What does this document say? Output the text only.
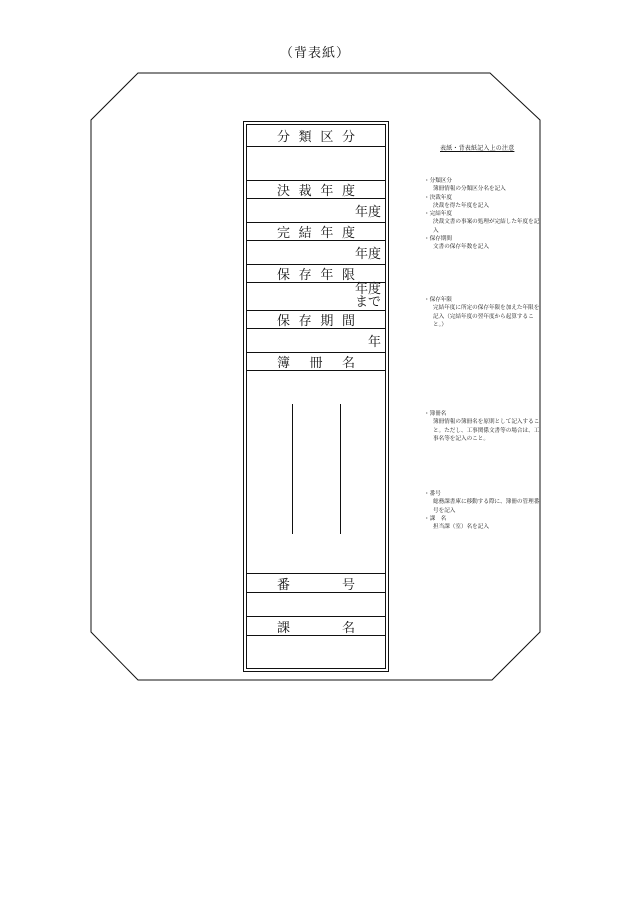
（背表紙）
分 類 区 分
決 裁 年 度
年度
完 結 年 度
年度
保 存 年 限
年度
まで
保 存 期 間
年
簿 冊 名
番	号
課	名
表紙・背表紙記入上の注意
・分類区分
簿冊情報の分類区分名を記入
・決裁年度
決裁を得た年度を記入
・完結年度
決裁文書の事案の処理が完結した年度を記入
・保存期間
文書の保存年数を記入
・保存年限
完結年度に所定の保存年限を加えた年限を記入（完結年度の翌年度から起算すること。）
・簿冊名
簿冊情報の簿冊名を原則として記入すること。ただし、工事関係文書等の場合は、工事名等を記入のこと。
・番号
総務課書庫に移動する際に、簿冊の管理番号を記入
・課　名
担当課（室）名を記入
